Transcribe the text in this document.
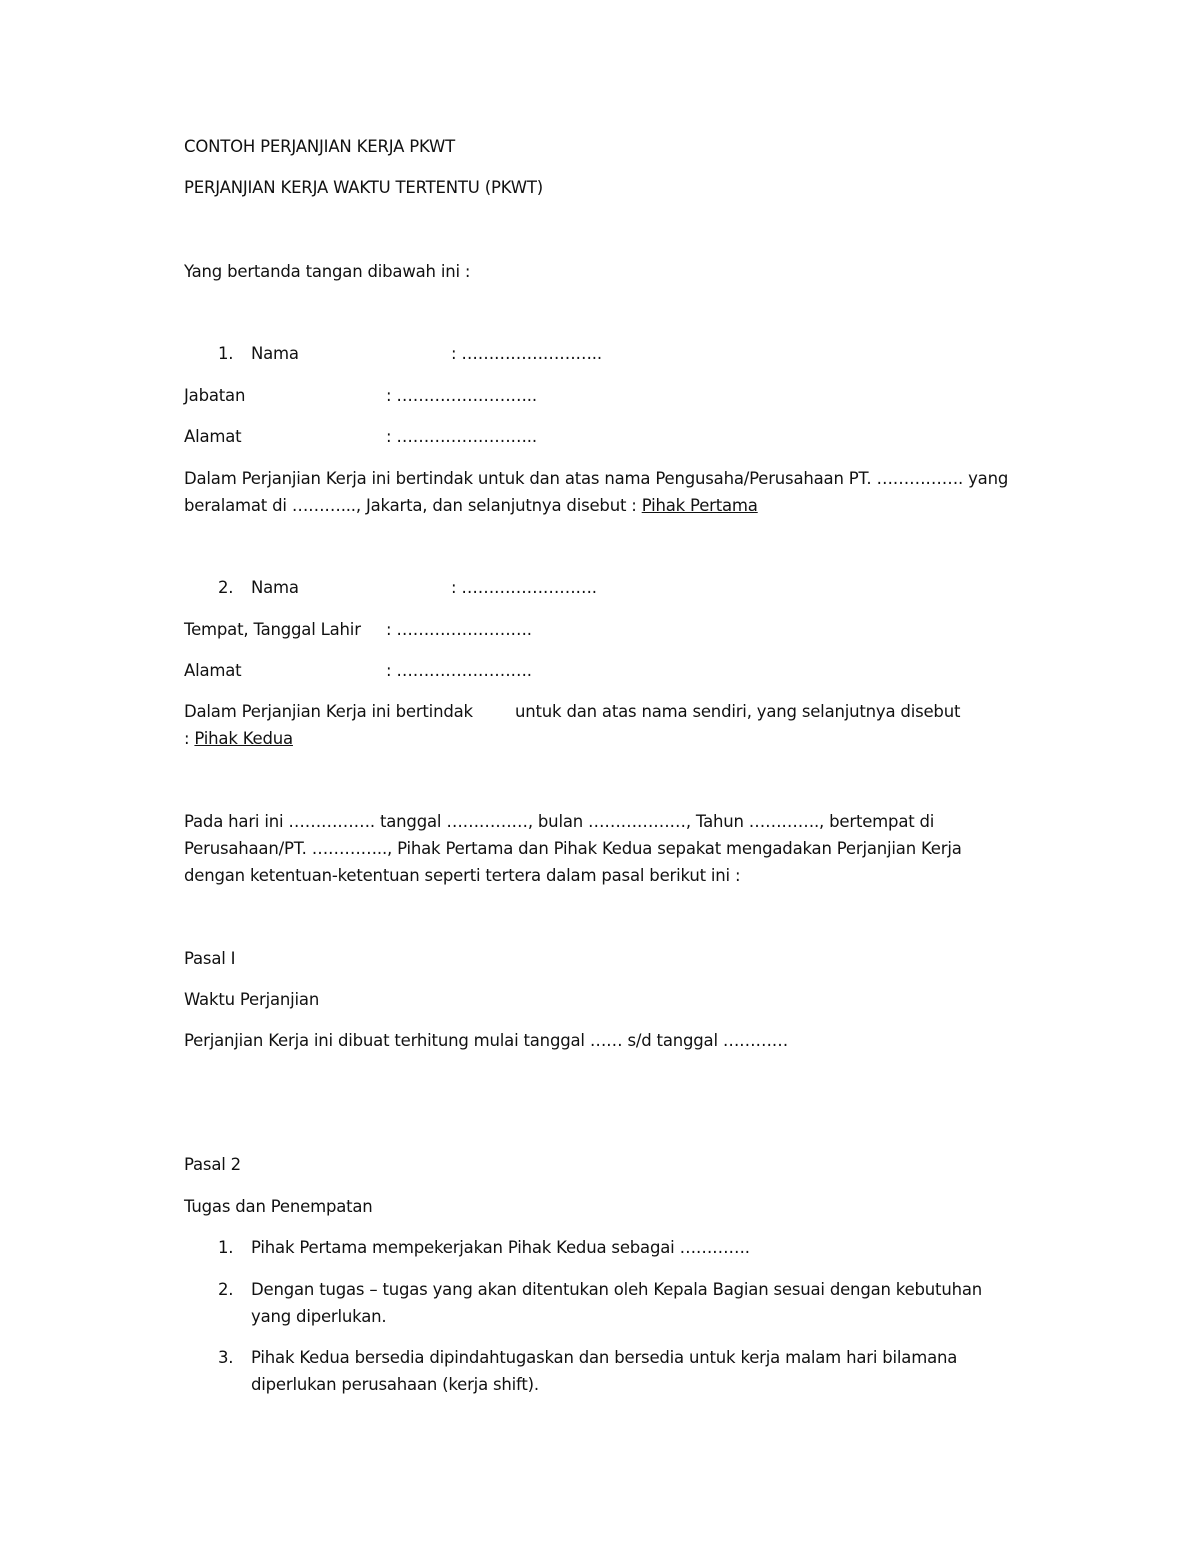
CONTOH PERJANJIAN KERJA PKWT
PERJANJIAN KERJA WAKTU TERTENTU (PKWT)
Yang bertanda tangan dibawah ini :
1. Nama	: ……………………..
Jabatan	: ……………………..
Alamat	: ……………………..
Dalam Perjanjian Kerja ini bertindak untuk dan atas nama Pengusaha/Perusahaan PT. ……………. yang
beralamat di ………..., Jakarta, dan selanjutnya disebut : Pihak Pertama
2. Nama	: …………………….
Tempat, Tanggal Lahir : …………………….
Alamat	: …………………….
Dalam Perjanjian Kerja ini bertindak	untuk dan atas nama sendiri, yang selanjutnya disebut
: Pihak Kedua
Pada hari ini ……………. tanggal ……………, bulan ………………, Tahun …………., bertempat di
Perusahaan/PT. ………….., Pihak Pertama dan Pihak Kedua sepakat mengadakan Perjanjian Kerja
dengan ketentuan-ketentuan seperti tertera dalam pasal berikut ini :
Pasal I
Waktu Perjanjian
Perjanjian Kerja ini dibuat terhitung mulai tanggal …… s/d tanggal …………
Pasal 2
Tugas dan Penempatan
1. Pihak Pertama mempekerjakan Pihak Kedua sebagai ………….
2. Dengan tugas – tugas yang akan ditentukan oleh Kepala Bagian sesuai dengan kebutuhan
yang diperlukan.
3. Pihak Kedua bersedia dipindahtugaskan dan bersedia untuk kerja malam hari bilamana
diperlukan perusahaan (kerja shift).
